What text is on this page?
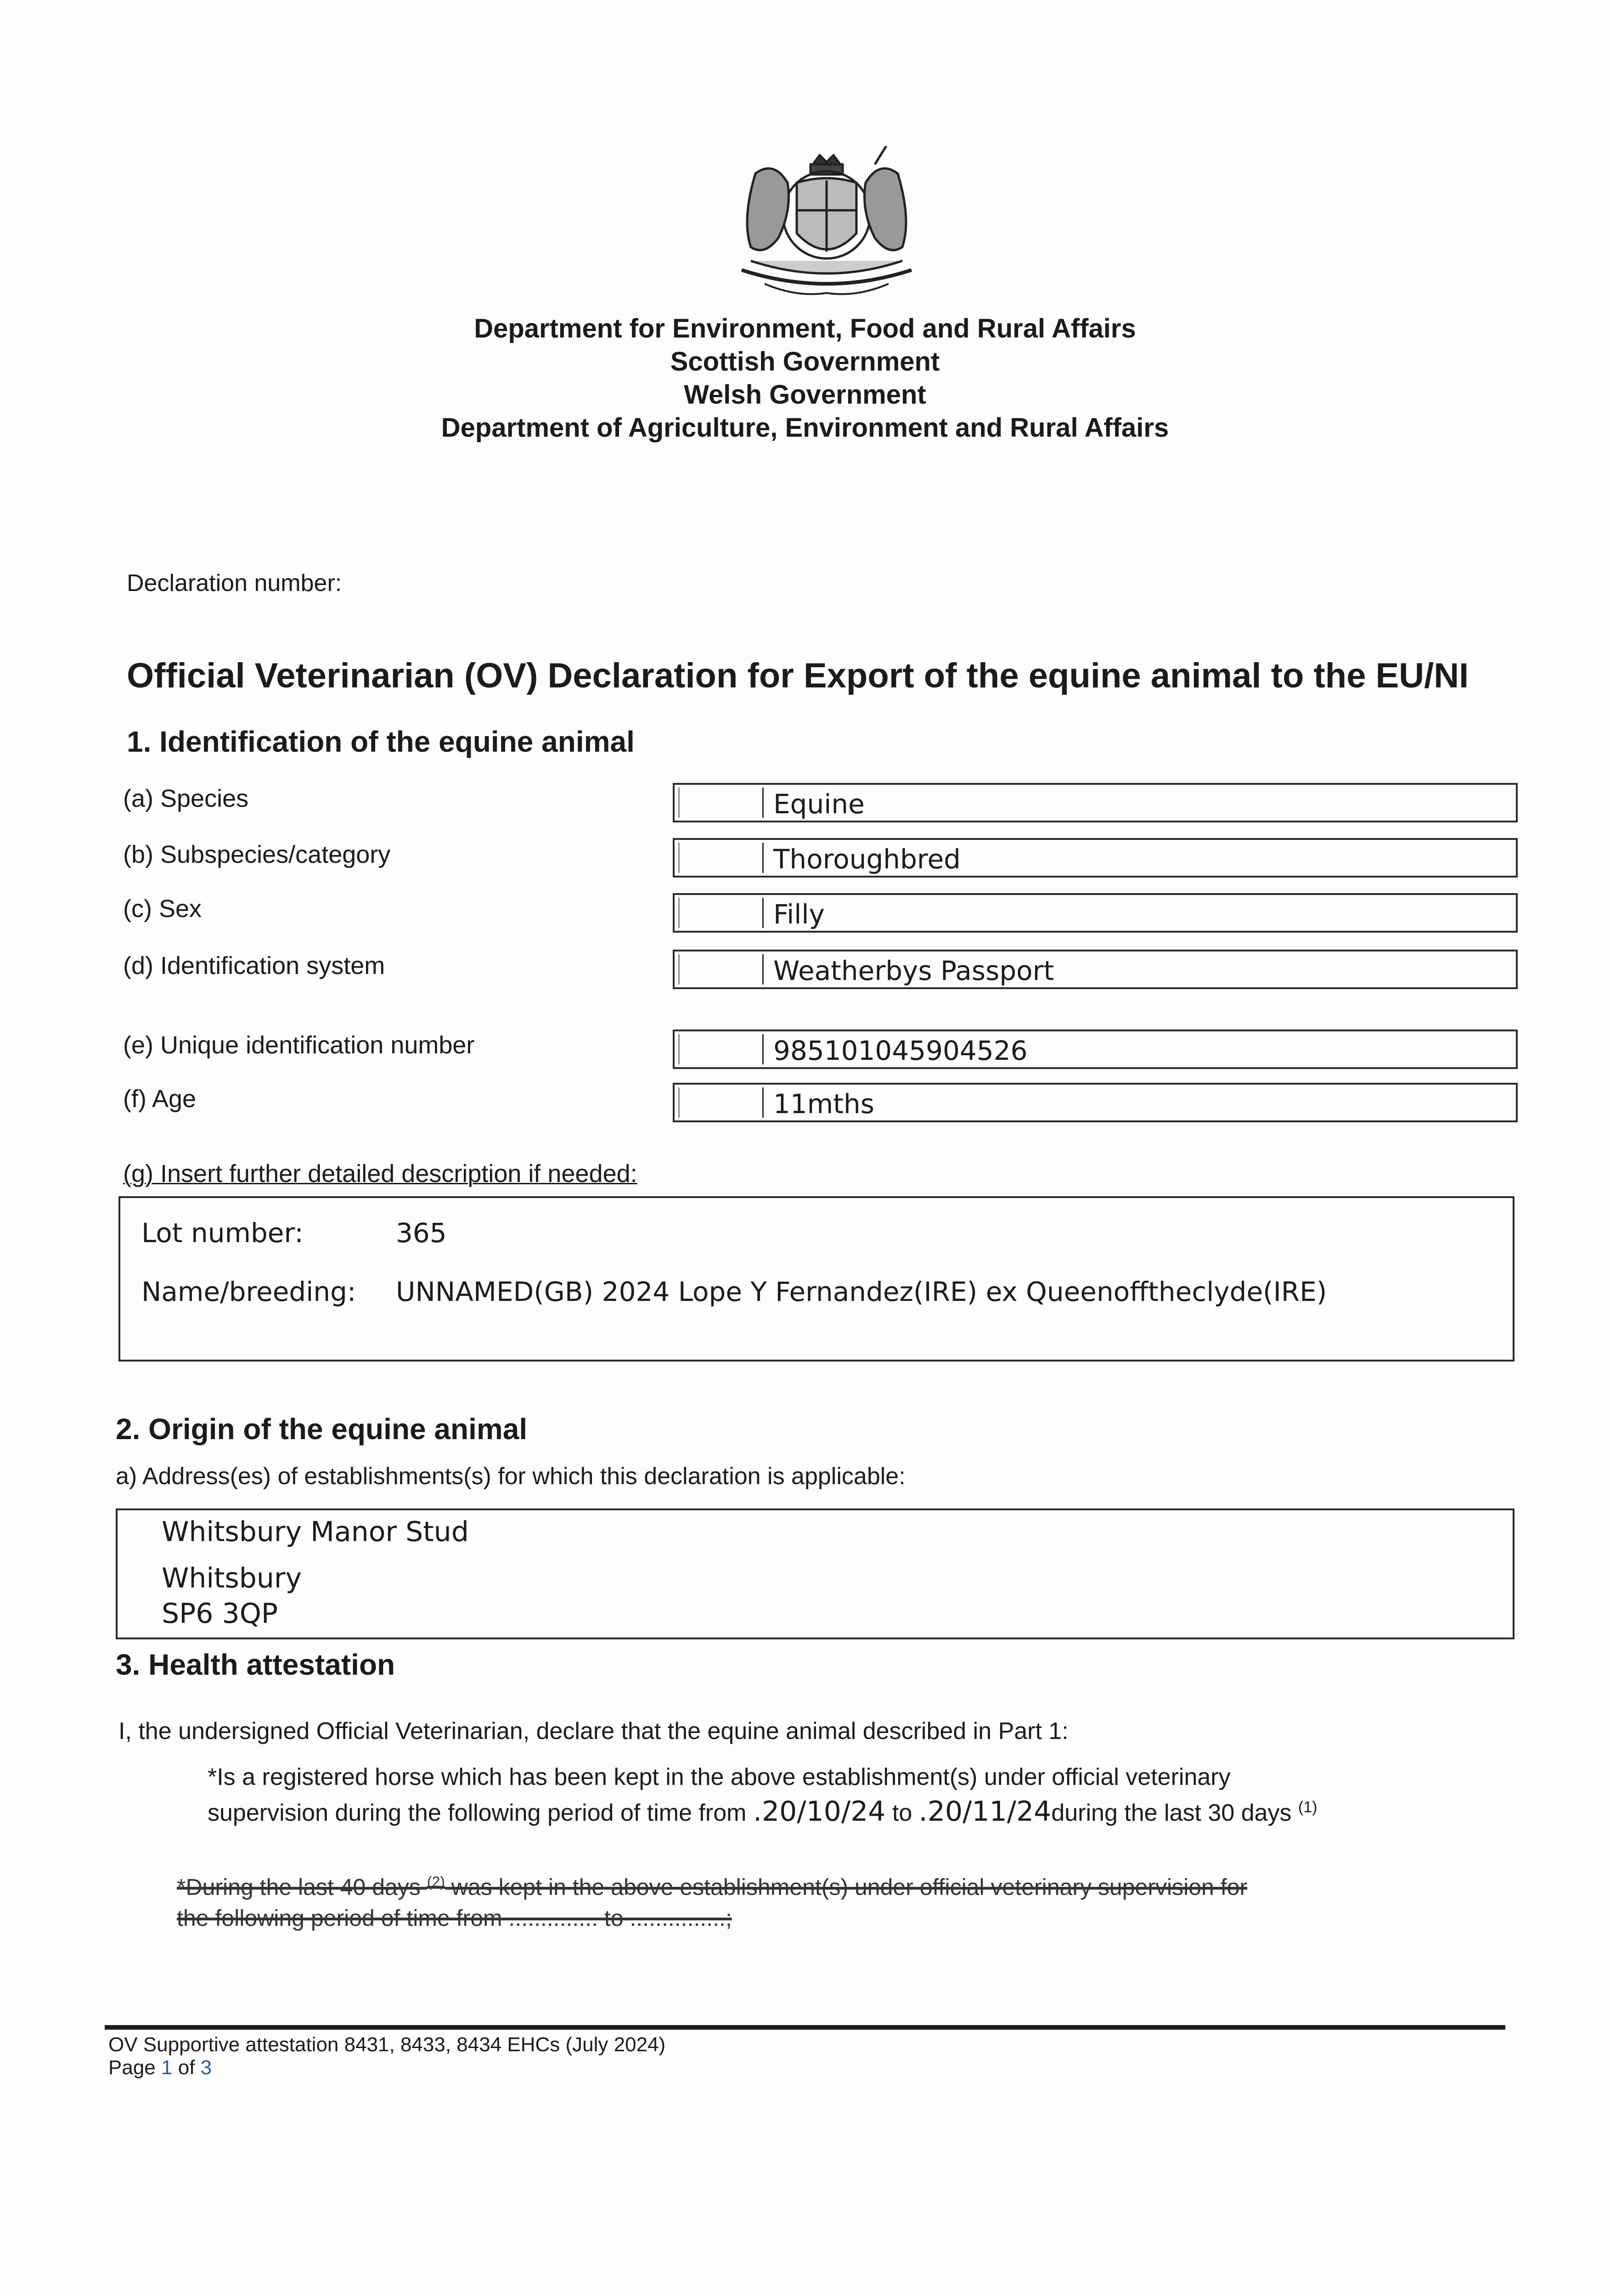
Department for Environment, Food and Rural Affairs
Scottish Government
Welsh Government
Department of Agriculture, Environment and Rural Affairs
Declaration number:
Official Veterinarian (OV) Declaration for Export of the equine animal to the EU/NI
1. Identification of the equine animal
(a) Species	Equine
(b) Subspecies/category	Thoroughbred
(c) Sex	Filly
(d) Identification system	Weatherbys Passport
(e) Unique identification number	985101045904526
(f) Age	11mths
(g) Insert further detailed description if needed:
Lot number:	365
Name/breeding: UNNAMED(GB) 2024 Lope Y Fernandez(IRE) ex Queenofftheclyde(IRE)
2. Origin of the equine animal
a) Address(es) of establishments(s) for which this declaration is applicable:
Whitsbury Manor Stud
Whitsbury
SP6 3QP
3. Health attestation
I, the undersigned Official Veterinarian, declare that the equine animal described in Part 1:
*Is a registered horse which has been kept in the above establishment(s) under official veterinary
supervision during the following period of time from .20/10/24 to .20/11/24during the last 30 days $^{(1)}$
*During the last 40 days $^{(2)}$ was kept in the above establishment(s) under official veterinary supervision for
the following period of time from .............. to ...............;
OV Supportive attestation 8431, 8433, 8434 EHCs (July 2024)
Page 1 of 3
